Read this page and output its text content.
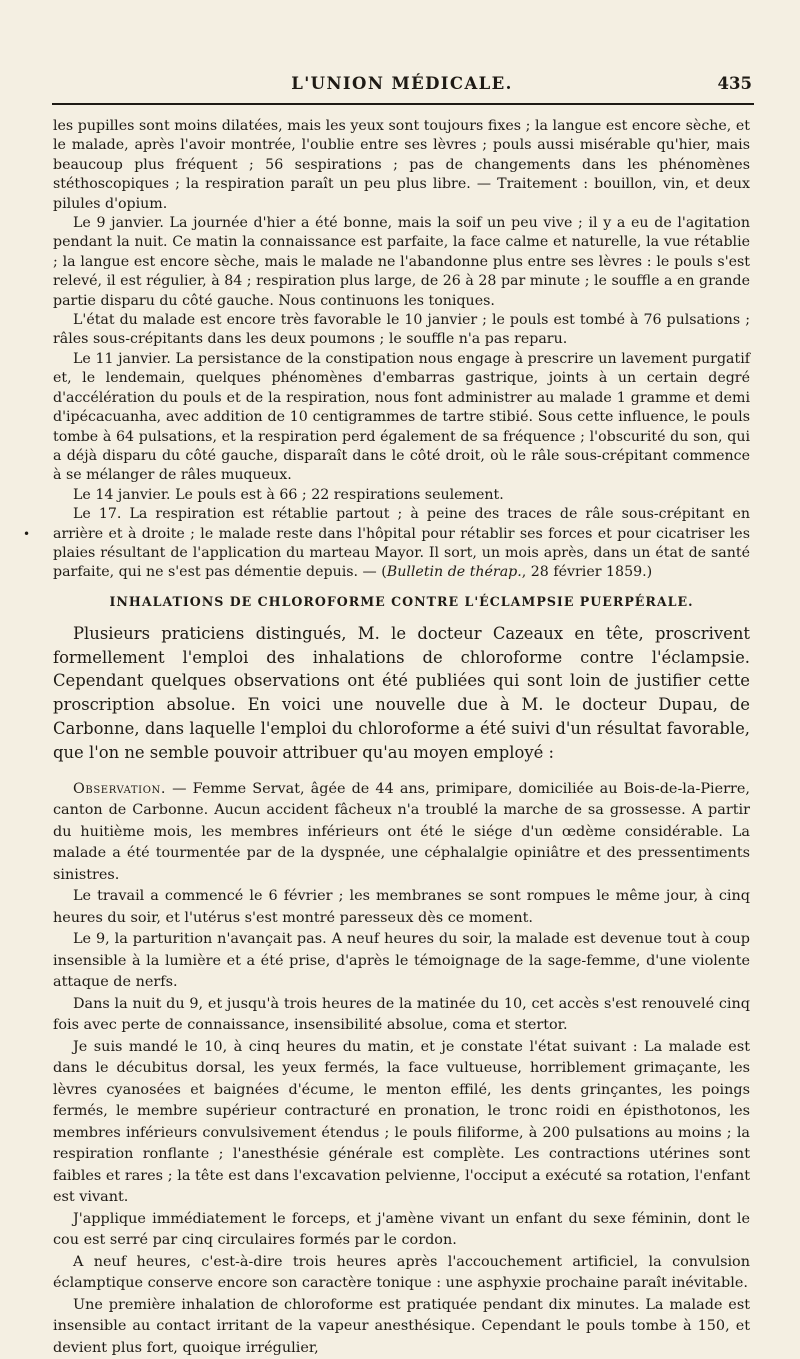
L'UNION MÉDICALE.	435
•

les pupilles sont moins dilatées, mais les yeux sont toujours fixes ; la langue est encore sèche, et le malade, après l'avoir montrée, l'oublie entre ses lèvres ; pouls aussi misérable qu'hier, mais beaucoup plus fréquent ; 56 sespirations ; pas de changements dans les phénomènes stéthoscopiques ; la respiration paraît un peu plus libre. — Traitement : bouillon, vin, et deux pilules d'opium.

Le 9 janvier. La journée d'hier a été bonne, mais la soif un peu vive ; il y a eu de l'agitation pendant la nuit. Ce matin la connaissance est parfaite, la face calme et naturelle, la vue rétablie ; la langue est encore sèche, mais le malade ne l'abandonne plus entre ses lèvres : le pouls s'est relevé, il est régulier, à 84 ; respiration plus large, de 26 à 28 par minute ; le souffle a en grande partie disparu du côté gauche. Nous continuons les toniques.

L'état du malade est encore très favorable le 10 janvier ; le pouls est tombé à 76 pulsations ; râles sous-crépitants dans les deux poumons ; le souffle n'a pas reparu.

Le 11 janvier. La persistance de la constipation nous engage à prescrire un lavement purgatif et, le lendemain, quelques phénomènes d'embarras gastrique, joints à un certain degré d'accélération du pouls et de la respiration, nous font administrer au malade 1 gramme et demi d'ipécacuanha, avec addition de 10 centigrammes de tartre stibié. Sous cette influence, le pouls tombe à 64 pulsations, et la respiration perd également de sa fréquence ; l'obscurité du son, qui a déjà disparu du côté gauche, disparaît dans le côté droit, où le râle sous-crépitant commence à se mélanger de râles muqueux.

Le 14 janvier. Le pouls est à 66 ; 22 respirations seulement.

Le 17. La respiration est rétablie partout ; à peine des traces de râle sous-crépitant en arrière et à droite ; le malade reste dans l'hôpital pour rétablir ses forces et pour cicatriser les plaies résultant de l'application du marteau Mayor. Il sort, un mois après, dans un état de santé parfaite, qui ne s'est pas démentie depuis. — (Bulletin de thérap., 28 février 1859.)

INHALATIONS DE CHLOROFORME CONTRE L'ÉCLAMPSIE PUERPÉRALE.

Plusieurs praticiens distingués, M. le docteur Cazeaux en tête, proscrivent formellement l'emploi des inhalations de chloroforme contre l'éclampsie. Cependant quelques observations ont été publiées qui sont loin de justifier cette proscription absolue. En voici une nouvelle due à M. le docteur Dupau, de Carbonne, dans laquelle l'emploi du chloroforme a été suivi d'un résultat favorable, que l'on ne semble pouvoir attribuer qu'au moyen employé :

Observation. — Femme Servat, âgée de 44 ans, primipare, domiciliée au Bois-de-la-Pierre, canton de Carbonne. Aucun accident fâcheux n'a troublé la marche de sa grossesse. A partir du huitième mois, les membres inférieurs ont été le siége d'un œdème considérable. La malade a été tourmentée par de la dyspnée, une céphalalgie opiniâtre et des pressentiments sinistres.

Le travail a commencé le 6 février ; les membranes se sont rompues le même jour, à cinq heures du soir, et l'utérus s'est montré paresseux dès ce moment.

Le 9, la parturition n'avançait pas. A neuf heures du soir, la malade est devenue tout à coup insensible à la lumière et a été prise, d'après le témoignage de la sage-femme, d'une violente attaque de nerfs.

Dans la nuit du 9, et jusqu'à trois heures de la matinée du 10, cet accès s'est renouvelé cinq fois avec perte de connaissance, insensibilité absolue, coma et stertor.

Je suis mandé le 10, à cinq heures du matin, et je constate l'état suivant : La malade est dans le décubitus dorsal, les yeux fermés, la face vultueuse, horriblement grimaçante, les lèvres cyanosées et baignées d'écume, le menton effilé, les dents grinçantes, les poings fermés, le membre supérieur contracturé en pronation, le tronc roidi en épisthotonos, les membres inférieurs convulsivement étendus ; le pouls filiforme, à 200 pulsations au moins ; la respiration ronflante ; l'anesthésie générale est complète. Les contractions utérines sont faibles et rares ; la tête est dans l'excavation pelvienne, l'occiput a exécuté sa rotation, l'enfant est vivant.

J'applique immédiatement le forceps, et j'amène vivant un enfant du sexe féminin, dont le cou est serré par cinq circulaires formés par le cordon.

A neuf heures, c'est-à-dire trois heures après l'accouchement artificiel, la convulsion éclamptique conserve encore son caractère tonique : une asphyxie prochaine paraît inévitable.

Une première inhalation de chloroforme est pratiquée pendant dix minutes. La malade est insensible au contact irritant de la vapeur anesthésique. Cependant le pouls tombe à 150, et devient plus fort, quoique irrégulier,
